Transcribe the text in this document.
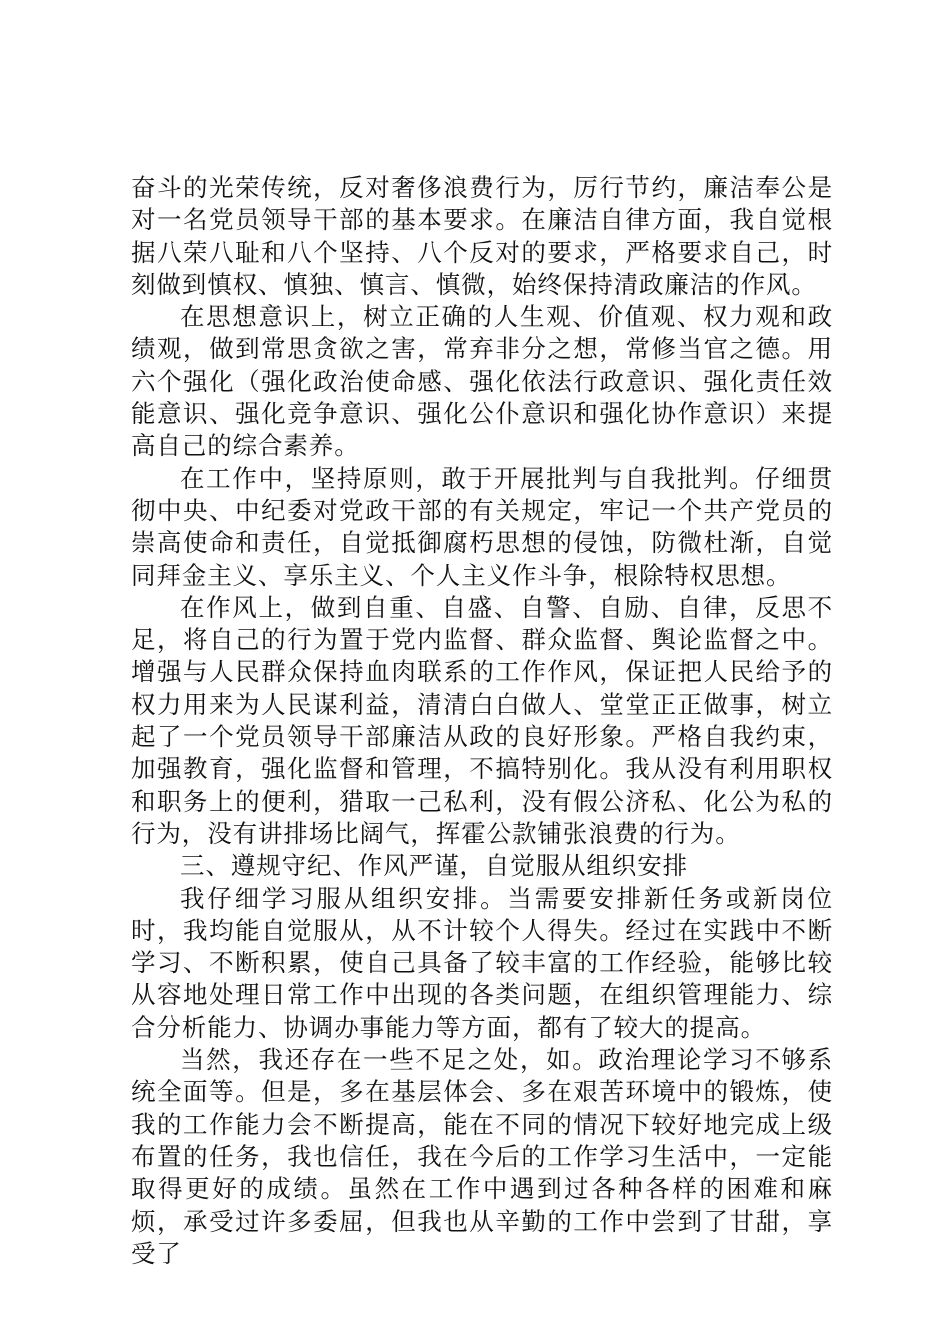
奋斗的光荣传统，反对奢侈浪费行为，厉行节约，廉洁奉公是对一名党员领导干部的基本要求。在廉洁自律方面，我自觉根据八荣八耻和八个坚持、八个反对的要求，严格要求自己，时刻做到慎权、慎独、慎言、慎微，始终保持清政廉洁的作风。

在思想意识上，树立正确的人生观、价值观、权力观和政绩观，做到常思贪欲之害，常弃非分之想，常修当官之德。用六个强化（强化政治使命感、强化依法行政意识、强化责任效能意识、强化竞争意识、强化公仆意识和强化协作意识）来提高自己的综合素养。

在工作中，坚持原则，敢于开展批判与自我批判。仔细贯彻中央、中纪委对党政干部的有关规定，牢记一个共产党员的崇高使命和责任，自觉抵御腐朽思想的侵蚀，防微杜渐，自觉同拜金主义、享乐主义、个人主义作斗争，根除特权思想。

在作风上，做到自重、自盛、自警、自励、自律，反思不足，将自己的行为置于党内监督、群众监督、舆论监督之中。增强与人民群众保持血肉联系的工作作风，保证把人民给予的权力用来为人民谋利益，清清白白做人、堂堂正正做事，树立起了一个党员领导干部廉洁从政的良好形象。严格自我约束，加强教育，强化监督和管理，不搞特别化。我从没有利用职权和职务上的便利，猎取一己私利，没有假公济私、化公为私的行为，没有讲排场比阔气，挥霍公款铺张浪费的行为。

三、遵规守纪、作风严谨，自觉服从组织安排

我仔细学习服从组织安排。当需要安排新任务或新岗位时，我均能自觉服从，从不计较个人得失。经过在实践中不断学习、不断积累，使自己具备了较丰富的工作经验，能够比较从容地处理日常工作中出现的各类问题，在组织管理能力、综合分析能力、协调办事能力等方面，都有了较大的提高。

当然，我还存在一些不足之处，如。政治理论学习不够系统全面等。但是，多在基层体会、多在艰苦环境中的锻炼，使我的工作能力会不断提高，能在不同的情况下较好地完成上级布置的任务，我也信任，我在今后的工作学习生活中，一定能取得更好的成绩。虽然在工作中遇到过各种各样的困难和麻烦，承受过许多委屈，但我也从辛勤的工作中尝到了甘甜，享受了
